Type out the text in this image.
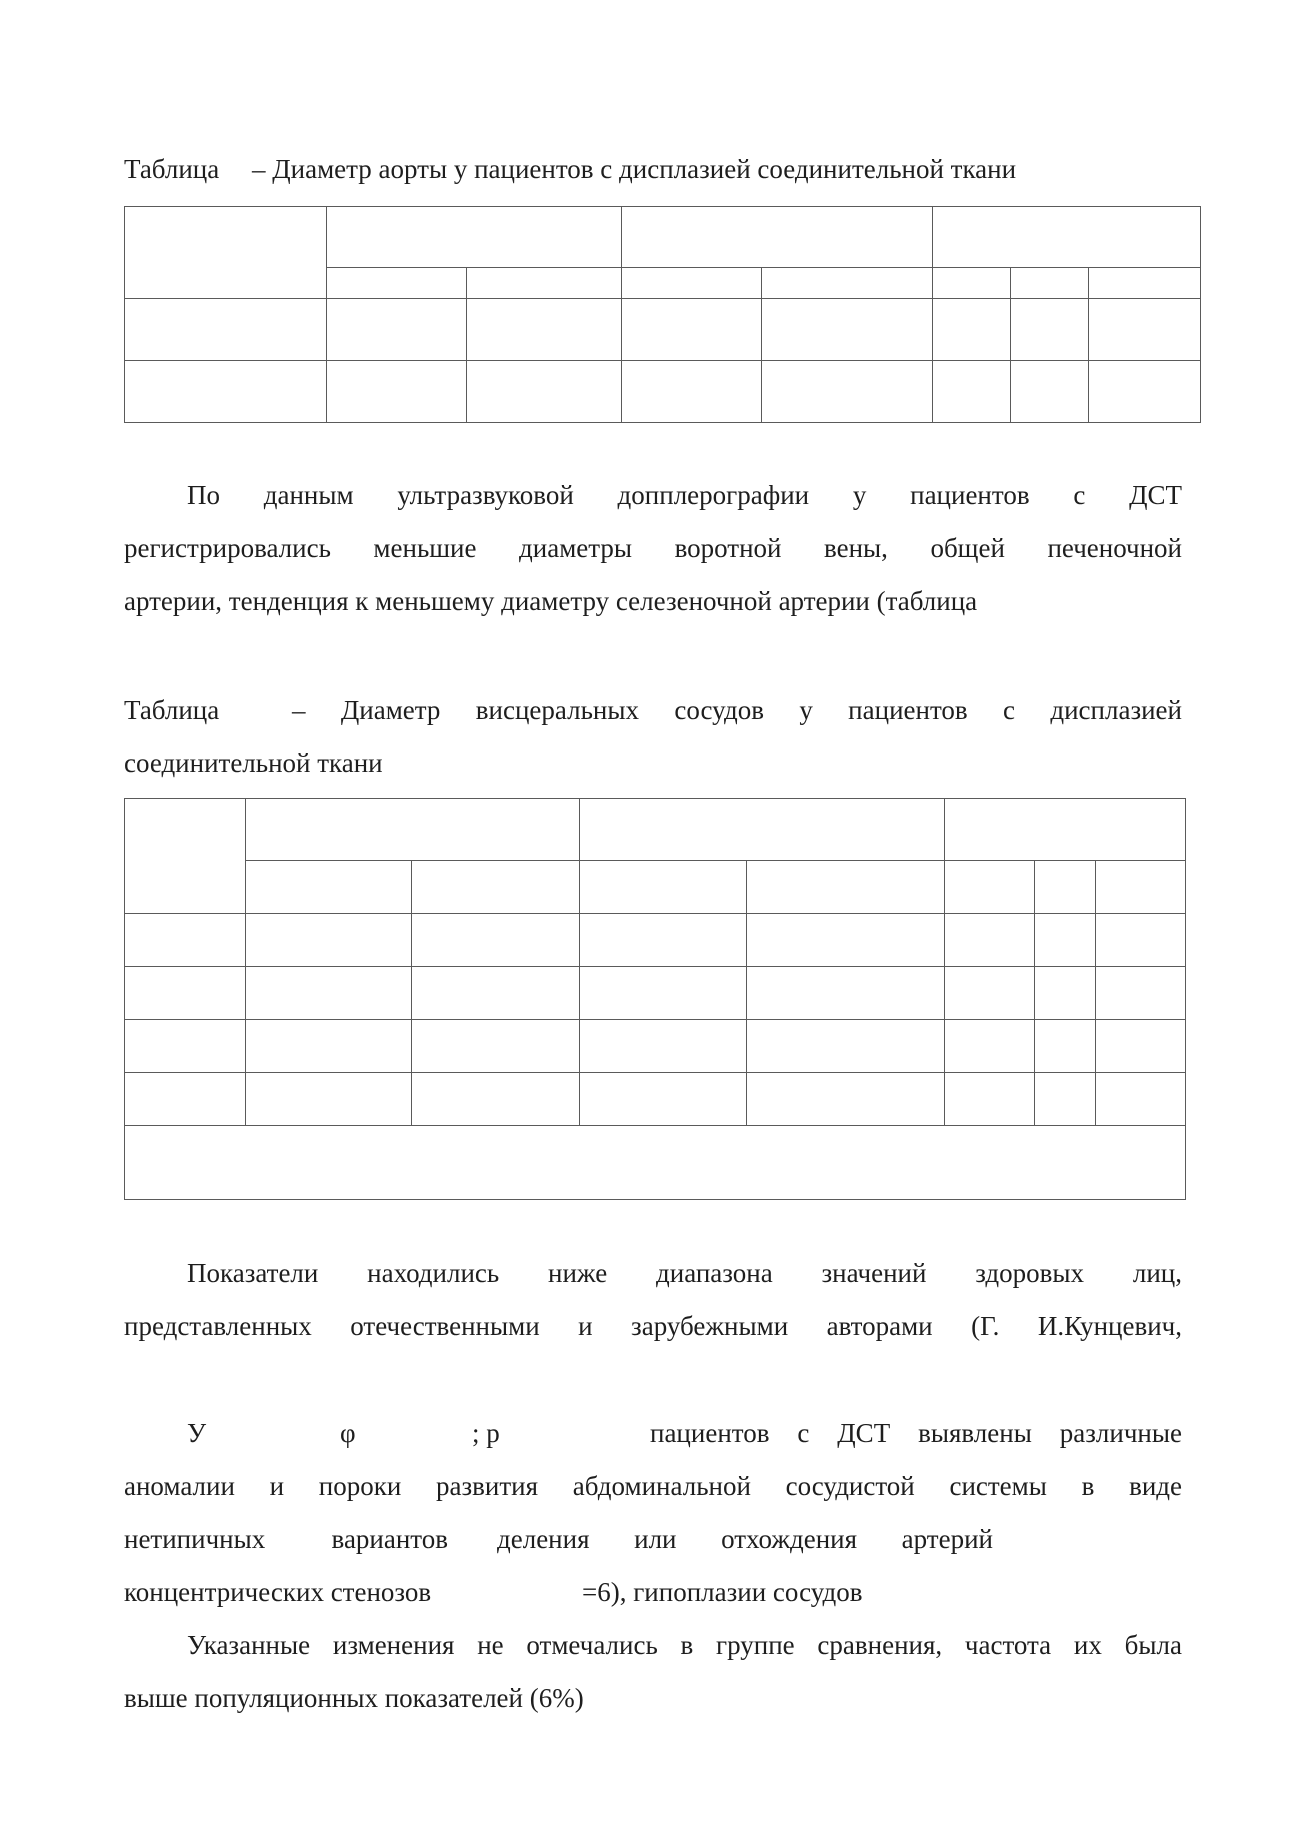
Таблица – Диаметр аорты у пациентов с дисплазией соединительной ткани

По данным ультразвуковой допплерографии у пациентов с ДСТ
регистрировались меньшие диаметры воротной вены, общей печеночной
артерии, тенденция к меньшему диаметру селезеночной артерии (таблица
Таблица	– Диаметр висцеральных сосудов у пациентов с дисплазией
соединительной ткани

Показатели находились ниже диапазона значений здоровых лиц,
представленных отечественными и зарубежными авторами (Г. И.Кунцевич,
У	φ	; р	пациентов с ДСТ выявлены различные
аномалии и пороки развития абдоминальной сосудистой системы в виде
нетипичных вариантов деления или отхождения артерий
концентрических стенозов	=6), гипоплазии сосудов
Указанные изменения не отмечались в группе сравнения, частота их была
выше популяционных показателей (6%)
